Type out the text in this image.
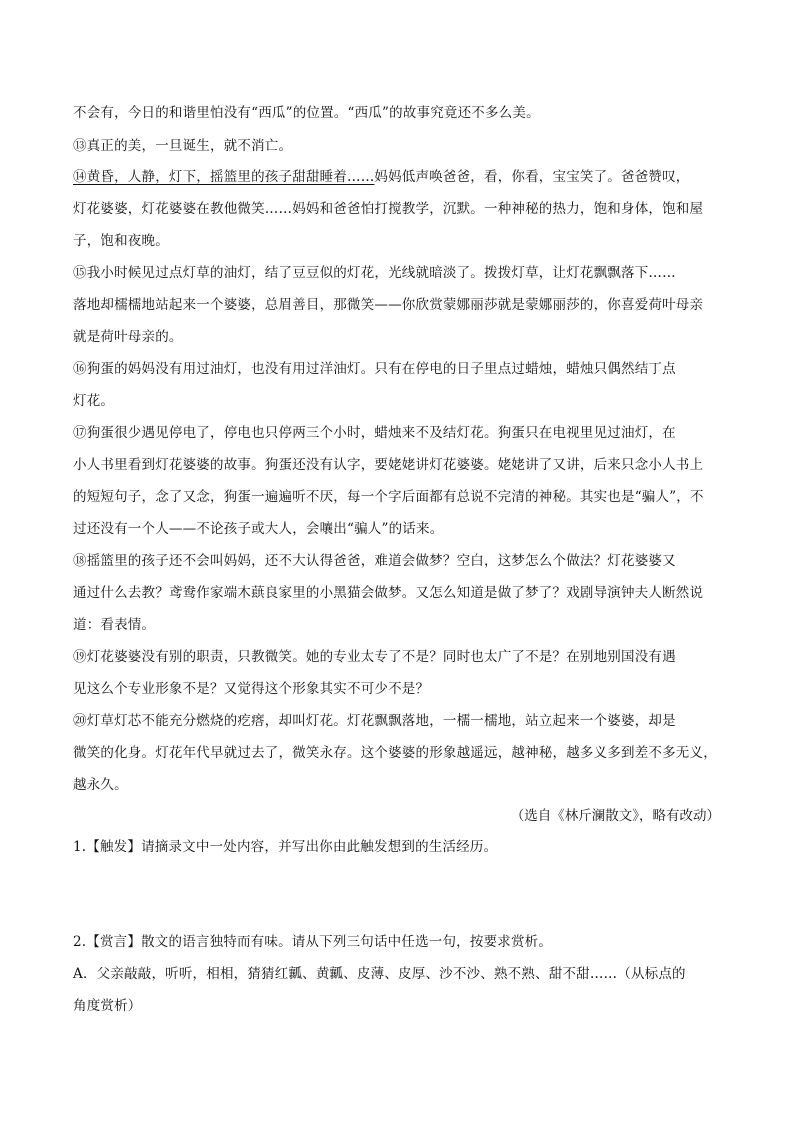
不会有，今日的和谐里怕没有“西瓜”的位置。“西瓜”的故事究竟还不多么美。
⑬真正的美，一旦诞生，就不消亡。
⑭黄昏，人静，灯下，摇篮里的孩子甜甜睡着……妈妈低声唤爸爸，看，你看，宝宝笑了。爸爸赞叹，
灯花婆婆，灯花婆婆在教他微笑……妈妈和爸爸怕打搅教学，沉默。一种神秘的热力，饱和身体，饱和屋
子，饱和夜晚。
⑮我小时候见过点灯草的油灯，结了豆豆似的灯花，光线就暗淡了。拨拨灯草，让灯花飘飘落下……
落地却檽檽地站起来一个婆婆，总眉善目，那微笑——你欣赏蒙娜丽莎就是蒙娜丽莎的，你喜爱荷叶母亲
就是荷叶母亲的。
⑯狗蛋的妈妈没有用过油灯，也没有用过洋油灯。只有在停电的日子里点过蜡烛，蜡烛只偶然结丁点
灯花。
⑰狗蛋很少遇见停电了，停电也只停两三个小时，蜡烛来不及结灯花。狗蛋只在电视里见过油灯，在
小人书里看到灯花婆婆的故事。狗蛋还没有认字，要姥姥讲灯花婆婆。姥姥讲了又讲，后来只念小人书上
的短短句子，念了又念，狗蛋一遍遍听不厌，每一个字后面都有总说不完清的神秘。其实也是“骗人”，不
过还没有一个人——不论孩子或大人，会嚷出“骗人”的话来。
⑱摇篮里的孩子还不会叫妈妈，还不大认得爸爸，难道会做梦？空白，这梦怎么个做法？灯花婆婆又
通过什么去教？鸢鸯作家端木蕻良家里的小黑猫会做梦。又怎么知道是做了梦了？戏剧导演钟夫人断然说
道：看表情。
⑲灯花婆婆没有别的职责，只教微笑。她的专业太专了不是？同时也太广了不是？在别地别国没有遇
见这么个专业形象不是？又觉得这个形象其实不可少不是？
⑳灯草灯芯不能充分燃烧的疙瘩，却叫灯花。灯花飘飘落地，一檽一檽地，站立起来一个婆婆，却是
微笑的化身。灯花年代早就过去了，微笑永存。这个婆婆的形象越遥远，越神秘，越多义多到差不多无义，
越永久。
（选自《林斤澜散文》，略有改动）
1.【触发】请摘录文中一处内容，并写出你由此触发想到的生活经历。
2.【赏言】散文的语言独特而有味。请从下列三句话中任选一句，按要求赏析。
A．父亲敲敲，听听，相相，猜猜红瓤、黄瓤、皮薄、皮厚、沙不沙、熟不熟、甜不甜……（从标点的
角度赏析）
